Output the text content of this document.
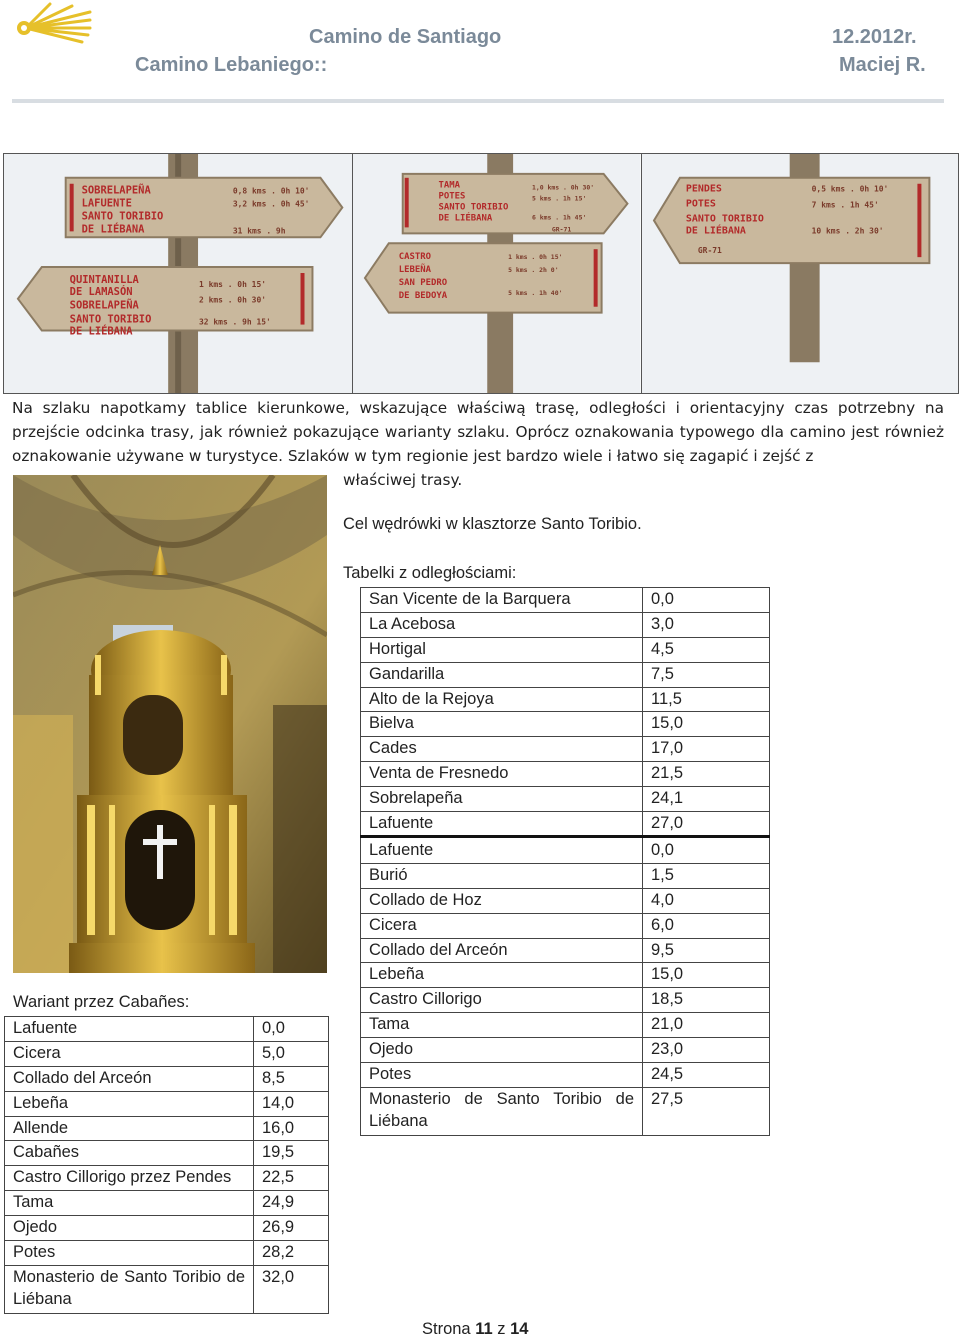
Camino de Santiago
Camino Lebaniego::
12.2012r.
Maciej R.
SOBRELAPEÑA
LAFUENTE
SANTO TORIBIO
DE LIÉBANA
QUINTANILLA
DE LAMASÓN
SOBRELAPEÑA
SANTO TORIBIO
DE LIÉBANA
0,8 kms . 0h 10'
3,2 kms . 0h 45'
31 kms . 9h
1 kms . 0h 15'
2 kms . 0h 30'
32 kms . 9h 15'
TAMA
POTES
SANTO TORIBIO
DE LIÉBANA
CASTRO
LEBEÑA
SAN PEDRO
DE BEDOYA
1,0 kms . 0h 30'
5 kms . 1h 15'
6 kms . 1h 45'
GR-71
1 kms . 0h 15'
5 kms . 2h 0'
5 kms . 1h 40'
PENDES
POTES
SANTO TORIBIO
DE LIÉBANA
0,5 kms . 0h 10'
7 kms . 1h 45'
10 kms . 2h 30'
GR-71

Na szlaku napotkamy tablice kierunkowe, wskazujące właściwą trasę, odległości i orientacyjny czas potrzebny na przejście odcinka trasy, jak również pokazujące warianty szlaku. Oprócz oznakowania typowego dla camino jest również oznakowanie używane w turystyce. Szlaków w tym regionie jest bardzo wiele i łatwo się zagapić i zejść z

właściwej trasy.
Cel wędrówki w klasztorze Santo Toribio.
Tabelki z odległościami:
Wariant przez Cabañes:
San Vicente de la Barquera	0,0
La Acebosa	3,0
Hortigal	4,5
Gandarilla	7,5
Alto de la Rejoya	11,5
Bielva	15,0
Cades	17,0
Venta de Fresnedo	21,5
Sobrelapeña	24,1
Lafuente	27,0
Lafuente	0,0
Burió	1,5
Collado de Hoz	4,0
Cicera	6,0
Collado del Arceón	9,5
Lebeña	15,0
Castro Cillorigo	18,5
Tama	21,0
Ojedo	23,0
Potes	24,5
Monasterio de Santo Toribio de Liébana	27,5
Lafuente	0,0
Cicera	5,0
Collado del Arceón	8,5
Lebeña	14,0
Allende	16,0
Cabañes	19,5
Castro Cillorigo przez Pendes	22,5
Tama	24,9
Ojedo	26,9
Potes	28,2
Monasterio de Santo Toribio de Liébana	32,0
Strona 11 z 14
